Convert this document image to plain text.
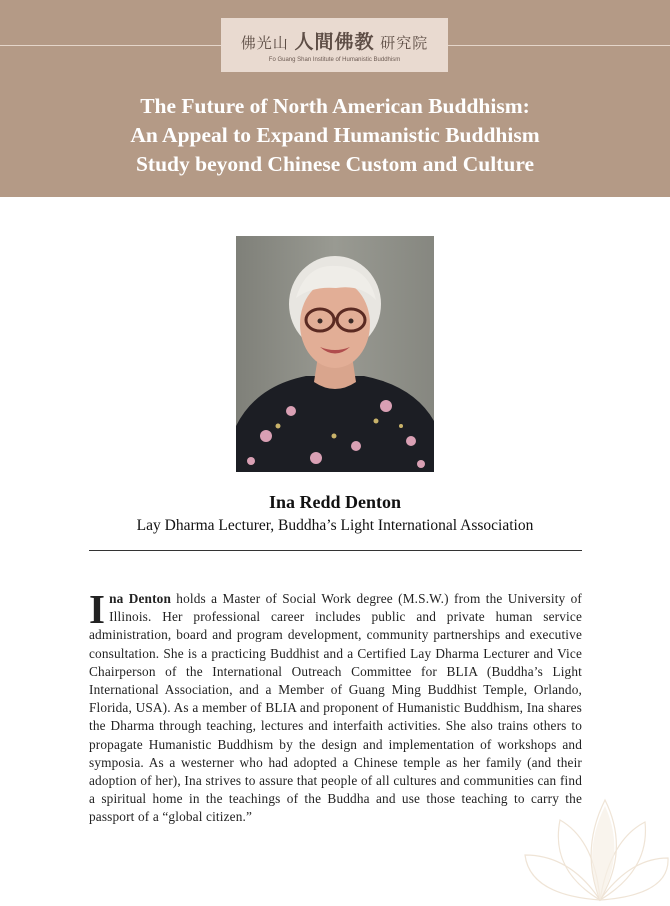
佛光山 人間佛教 研究院
Fo Guang Shan Institute of Humanistic Buddhism
The Future of North American Buddhism:
An Appeal to Expand Humanistic Buddhism
Study beyond Chinese Custom and Culture
Ina Redd Denton
Lay Dharma Lecturer, Buddha’s Light International Association
Ina Denton holds a Master of Social Work degree (M.S.W.) from the University of Illinois. Her professional career includes public and private human service administration, board and program development, community partnerships and executive consultation. She is a practicing Buddhist and a Certified Lay Dharma Lecturer and Vice Chairperson of the International Outreach Committee for BLIA (Buddha’s Light International Association, and a Member of Guang Ming Buddhist Temple, Orlando, Florida, USA). As a member of BLIA and proponent of Humanistic Buddhism, Ina shares the Dharma through teaching, lectures and interfaith activities. She also trains others to propagate Humanistic Buddhism by the design and implementation of workshops and symposia. As a westerner who had adopted a Chinese temple as her family (and their adoption of her), Ina strives to assure that people of all cultures and communities can find a spiritual home in the teachings of the Buddha and use those teaching to carry the passport of a “global citizen.”
